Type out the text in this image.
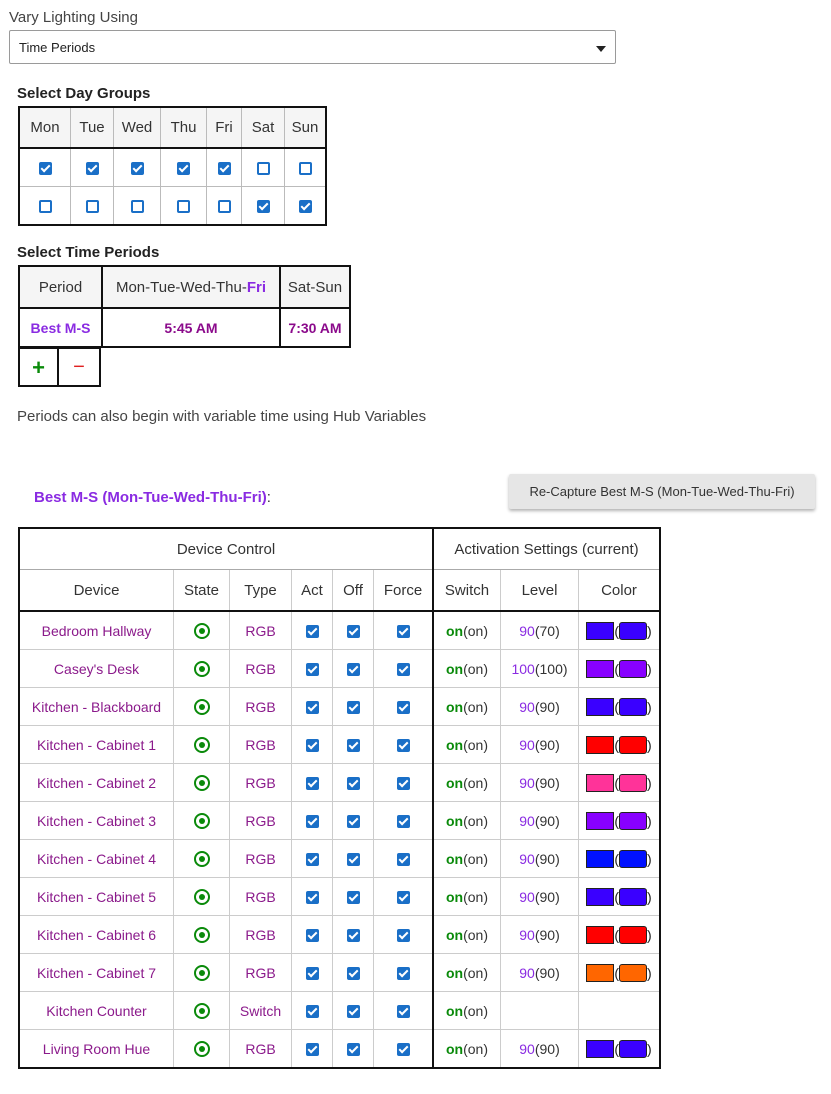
Vary Lighting Using
Time Periods
Select Day Groups
Mon	Tue	Wed	Thu	Fri	Sat	Sun

Select Time Periods
Period	Mon-Tue-Wed-Thu-Fri	Sat-Sun
Best M-S	5:45 AM	7:30 AM
+	−
Periods can also begin with variable time using Hub Variables
Best M-S (Mon-Tue-Wed-Thu-Fri):	Re-Capture Best M-S (Mon-Tue-Wed-Thu-Fri)
Device Control						Activation Settings (current)		
Device	State	Type	Act	Off	Force	Switch	Level	Color
Bedroom Hallway		RGB				on(on)	90(70)	( )

Casey's Desk		RGB				on(on)	100(100)	( )

Kitchen - Blackboard		RGB				on(on)	90(90)	( )

Kitchen - Cabinet 1		RGB				on(on)	90(90)	( )

Kitchen - Cabinet 2		RGB				on(on)	90(90)	( )

Kitchen - Cabinet 3		RGB				on(on)	90(90)	( )

Kitchen - Cabinet 4		RGB				on(on)	90(90)	( )

Kitchen - Cabinet 5		RGB				on(on)	90(90)	( )

Kitchen - Cabinet 6		RGB				on(on)	90(90)	( )

Kitchen - Cabinet 7		RGB				on(on)	90(90)	( )

Kitchen Counter		Switch				on(on)		
Living Room Hue		RGB				on(on)	90(90)	( )
